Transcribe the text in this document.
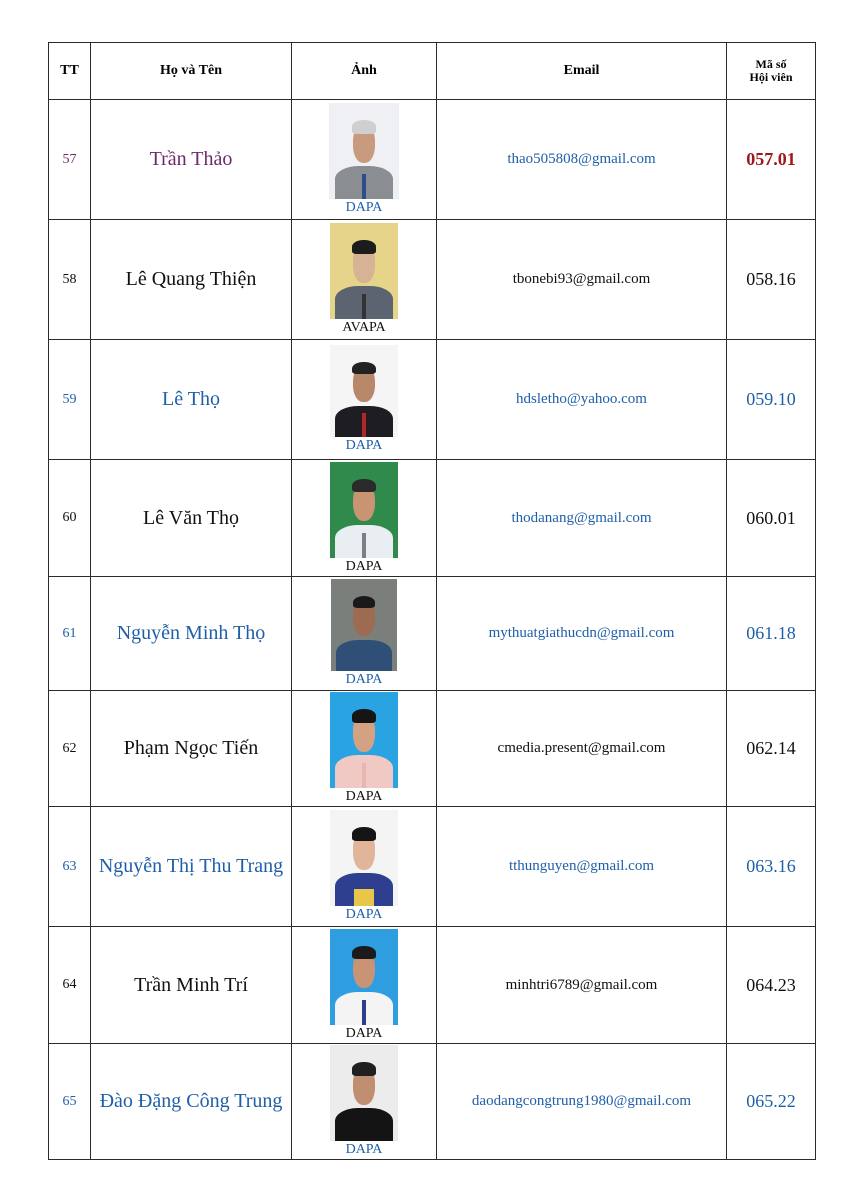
TT	Họ và Tên	Ảnh	Email	Mã số
Hội viên
57	Trần Thảo	DAPA	thao505808@gmail.com	057.01
58	Lê Quang Thiện	AVAPA	tbonebi93@gmail.com	058.16
59	Lê Thọ	DAPA	hdsletho@yahoo.com	059.10
60	Lê Văn Thọ	DAPA	thodanang@gmail.com	060.01
61	Nguyễn Minh Thọ	DAPA	mythuatgiathucdn@gmail.com	061.18
62	Phạm Ngọc Tiến	DAPA	cmedia.present@gmail.com	062.14
63	Nguyễn Thị Thu Trang	DAPA	tthunguyen@gmail.com	063.16
64	Trần Minh Trí	DAPA	minhtri6789@gmail.com	064.23
65	Đào Đặng Công Trung	DAPA	daodangcongtrung1980@gmail.com	065.22
